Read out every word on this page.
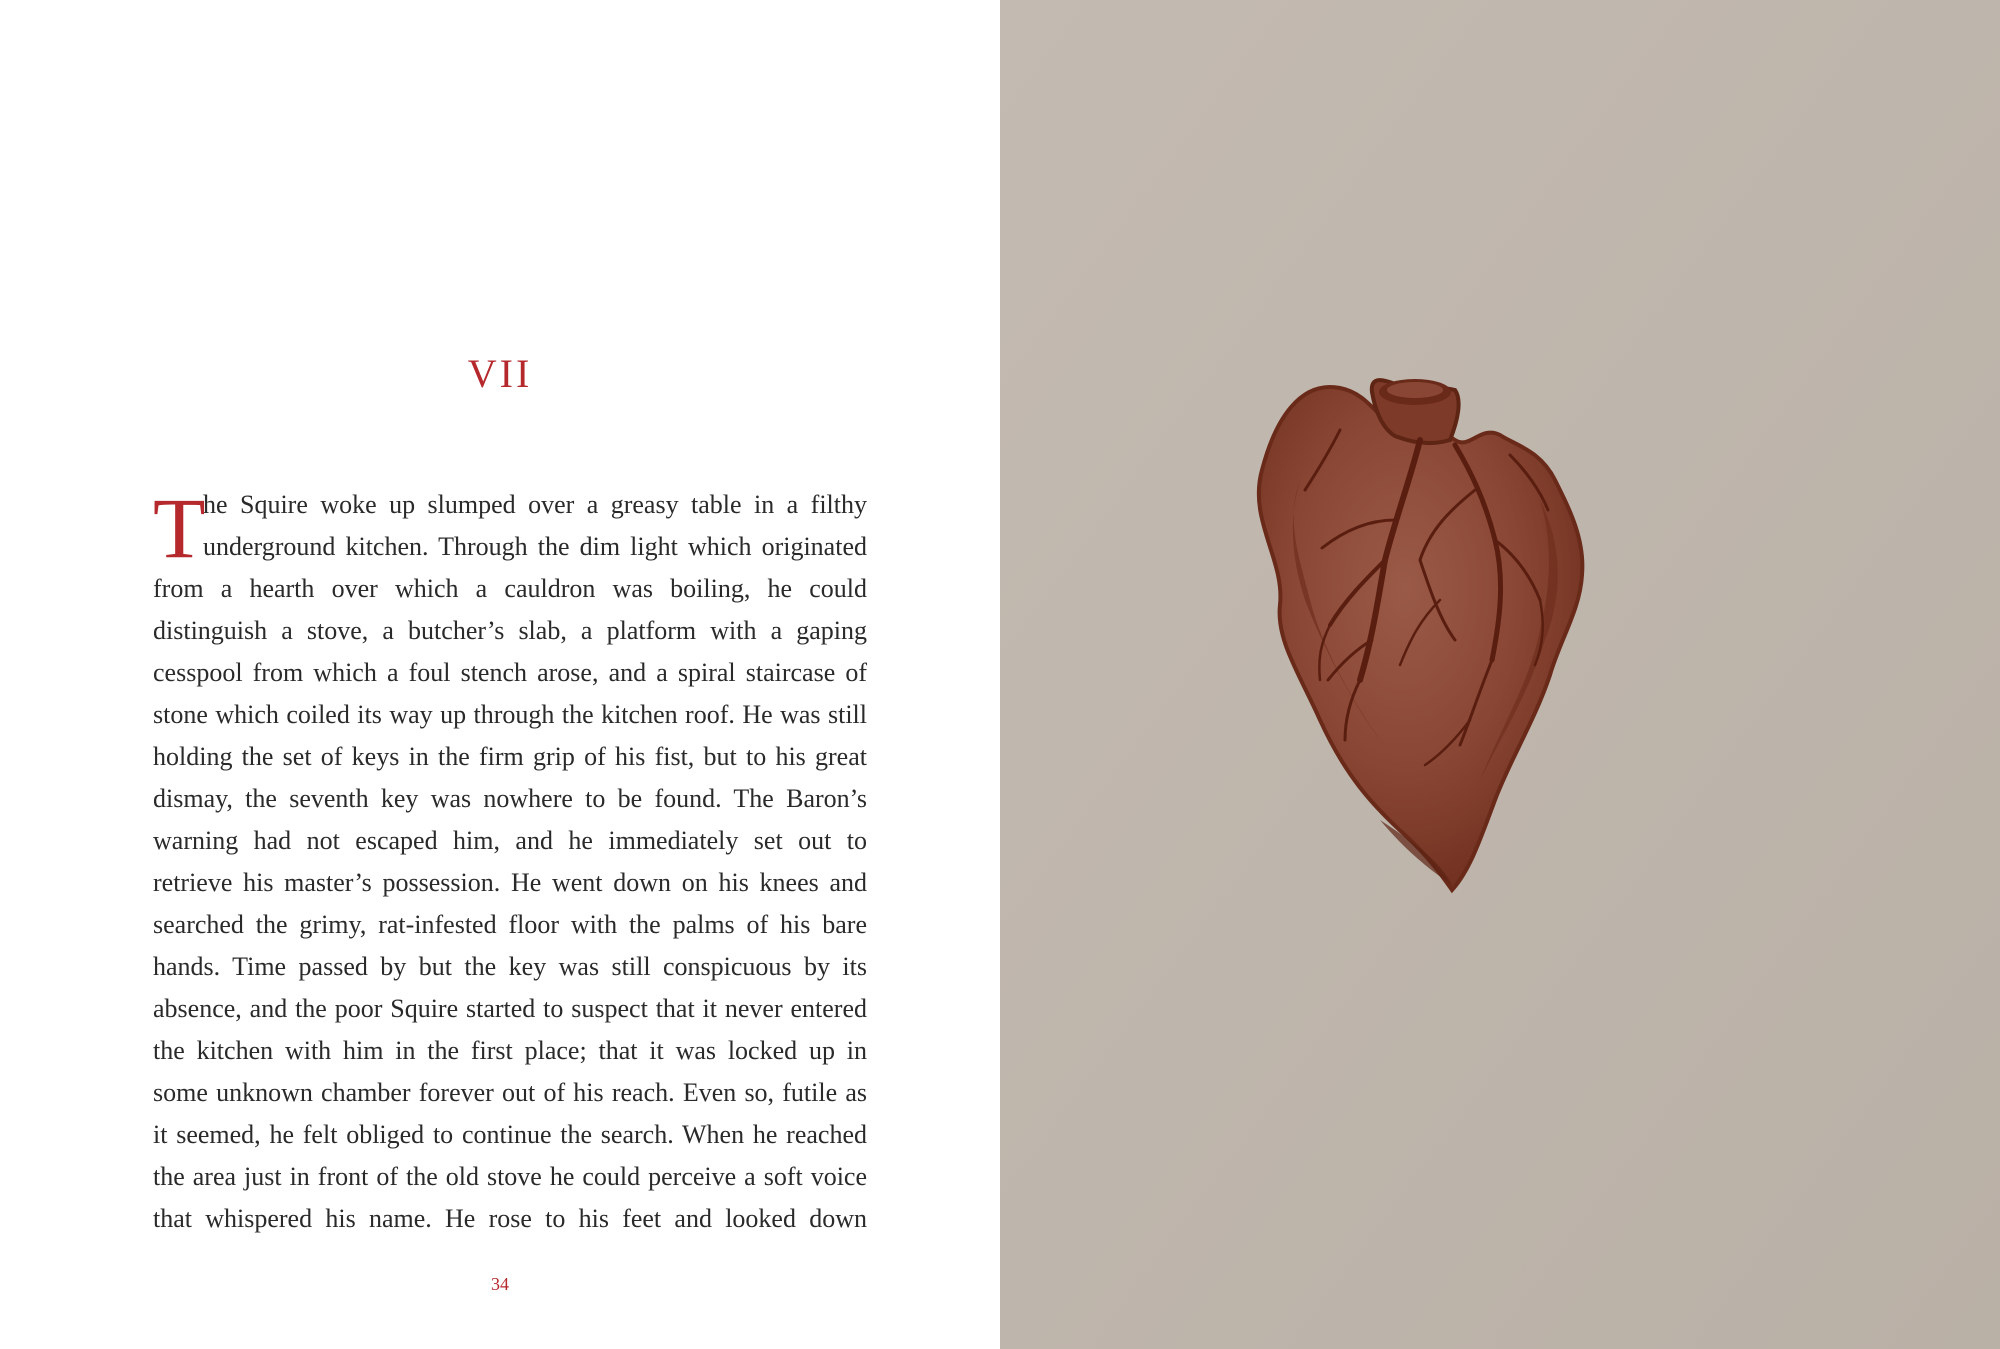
VII
T
he Squire woke up slumped over a greasy table in a filthy
underground kitchen. Through the dim light which originated
from a hearth over which a cauldron was boiling, he could
distinguish a stove, a butcher’s slab, a platform with a gaping
cesspool from which a foul stench arose, and a spiral staircase of
stone which coiled its way up through the kitchen roof. He was still
holding the set of keys in the firm grip of his fist, but to his great
dismay, the seventh key was nowhere to be found. The Baron’s
warning had not escaped him, and he immediately set out to
retrieve his master’s possession. He went down on his knees and
searched the grimy, rat-infested floor with the palms of his bare
hands. Time passed by but the key was still conspicuous by its
absence, and the poor Squire started to suspect that it never entered
the kitchen with him in the first place; that it was locked up in
some unknown chamber forever out of his reach. Even so, futile as
it seemed, he felt obliged to continue the search. When he reached
the area just in front of the old stove he could perceive a soft voice
that whispered his name. He rose to his feet and looked down
34
